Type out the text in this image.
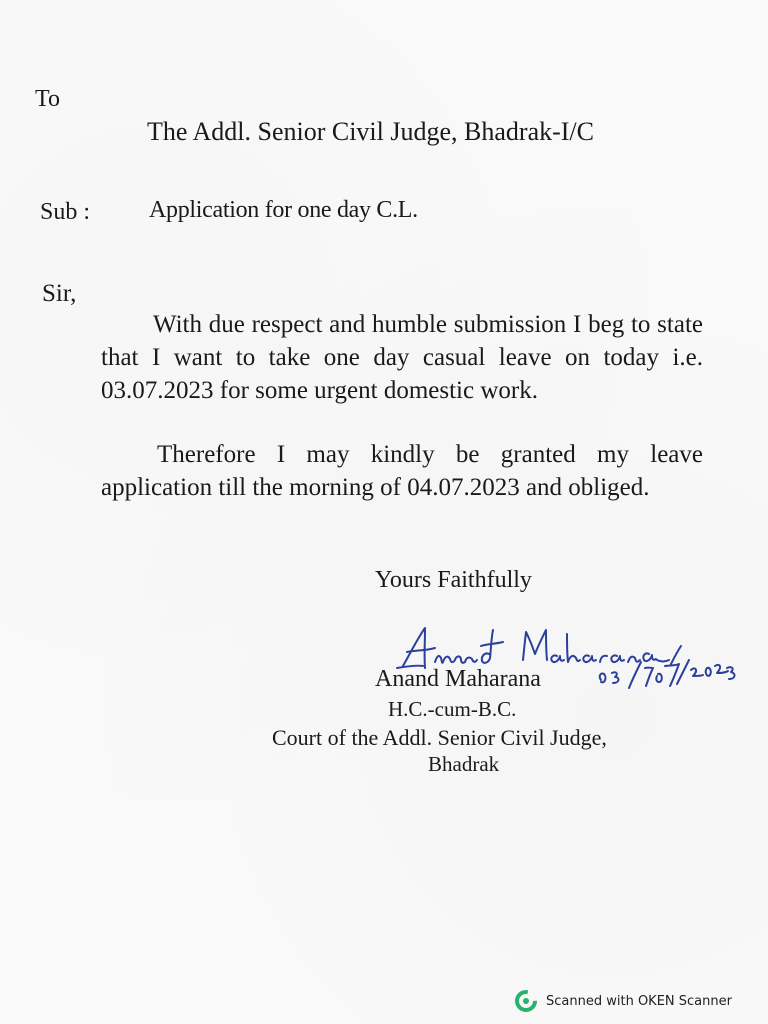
To
The Addl. Senior Civil Judge, Bhadrak-I/C
Sub : Application for one day C.L.
Sir,
With due respect and humble submission I beg to state that I want to take one day casual leave on today i.e. 03.07.2023 for some urgent domestic work.
Therefore I may kindly be granted my leave application till the morning of 04.07.2023 and obliged.
Yours Faithfully
Anand Maharana
H.C.-cum-B.C.
Court of the Addl. Senior Civil Judge,
Bhadrak
Scanned with OKEN Scanner
